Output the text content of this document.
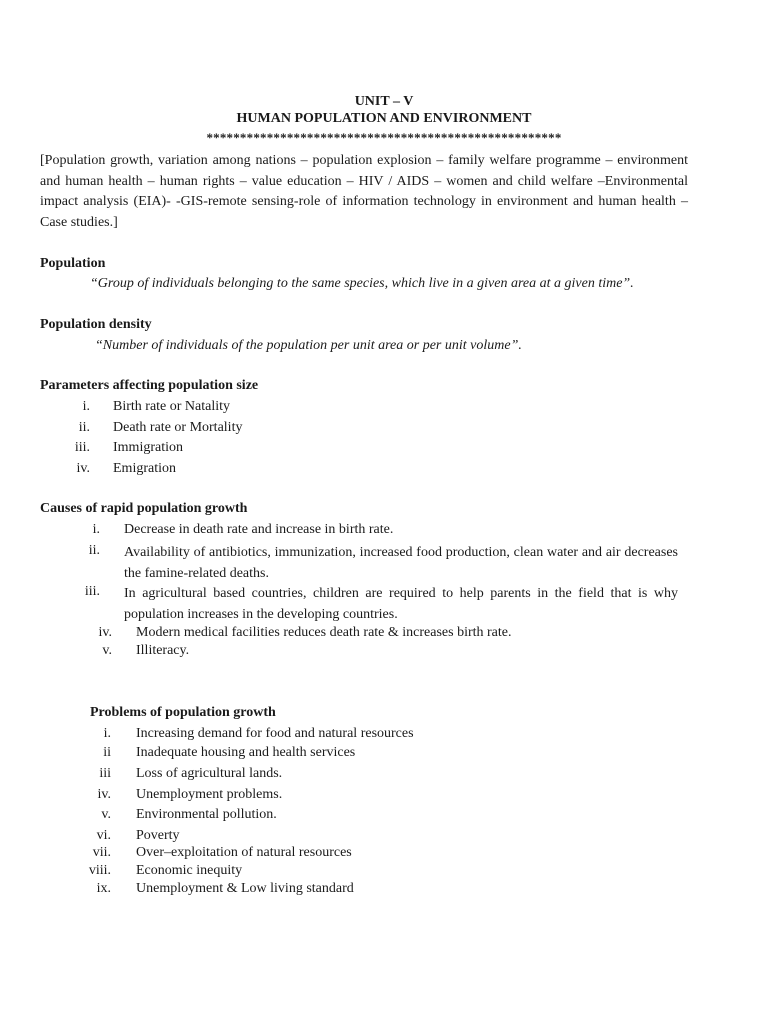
UNIT – V
HUMAN POPULATION AND ENVIRONMENT
*****************************************************
[Population growth, variation among nations – population explosion – family welfare programme – environment and human health – human rights – value education – HIV / AIDS – women and child welfare –Environmental impact analysis (EIA)- -GIS-remote sensing-role of information technology in environment and human health – Case studies.]
Population
“Group of individuals belonging to the same species, which live in a given area at a given time”.
Population density
“Number of individuals of the population per unit area or per unit volume”.
Parameters affecting population size
i. Birth rate or Natality
ii. Death rate or Mortality
iii. Immigration
iv. Emigration
Causes of rapid population growth
i. Decrease in death rate and increase in birth rate.
ii. Availability of antibiotics, immunization, increased food production, clean water and air decreases the famine-related deaths.
iii. In agricultural based countries, children are required to help parents in the field that is why population increases in the developing countries.
iv. Modern medical facilities reduces death rate & increases birth rate.
v. Illiteracy.
Problems of population growth
i. Increasing demand for food and natural resources
ii Inadequate housing and health services
iii Loss of agricultural lands.
iv. Unemployment problems.
v. Environmental pollution.
vi. Poverty
vii. Over–exploitation of natural resources
viii. Economic inequity
ix. Unemployment & Low living standard
